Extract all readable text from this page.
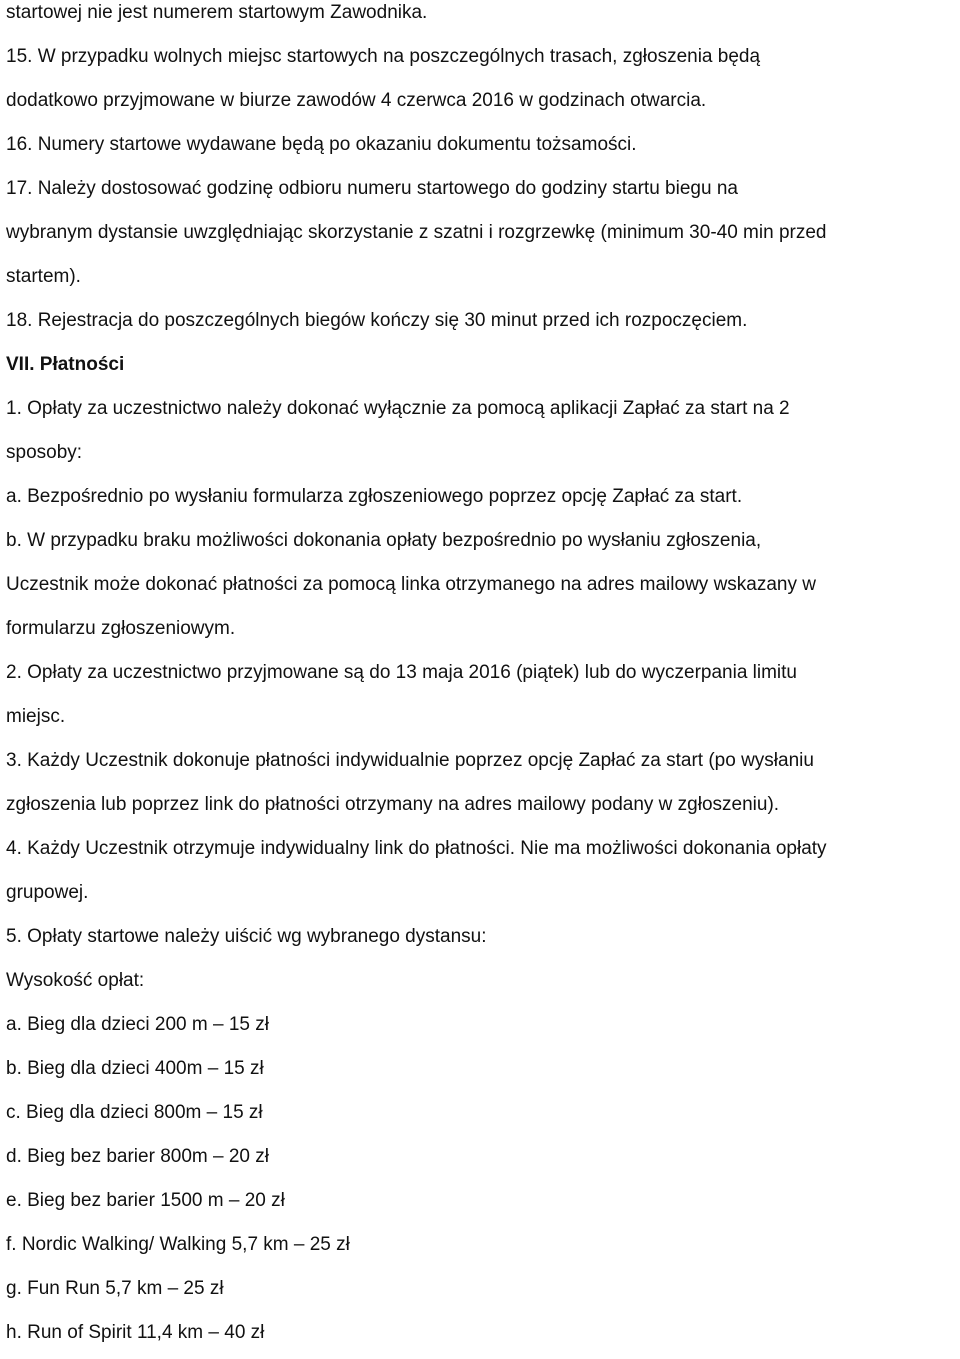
startowej nie jest numerem startowym Zawodnika.
15. W przypadku wolnych miejsc startowych na poszczególnych trasach, zgłoszenia będą
dodatkowo przyjmowane w biurze zawodów 4 czerwca 2016 w godzinach otwarcia.
16. Numery startowe wydawane będą po okazaniu dokumentu tożsamości.
17. Należy dostosować godzinę odbioru numeru startowego do godziny startu biegu na
wybranym dystansie uwzględniając skorzystanie z szatni i rozgrzewkę (minimum 30-40 min przed
startem).
18. Rejestracja do poszczególnych biegów kończy się 30 minut przed ich rozpoczęciem.
VII. Płatności
1. Opłaty za uczestnictwo należy dokonać wyłącznie za pomocą aplikacji Zapłać za start na 2
sposoby:
a. Bezpośrednio po wysłaniu formularza zgłoszeniowego poprzez opcję Zapłać za start.
b. W przypadku braku możliwości dokonania opłaty bezpośrednio po wysłaniu zgłoszenia,
Uczestnik może dokonać płatności za pomocą linka otrzymanego na adres mailowy wskazany w
formularzu zgłoszeniowym.
2. Opłaty za uczestnictwo przyjmowane są do 13 maja 2016 (piątek) lub do wyczerpania limitu
miejsc.
3. Każdy Uczestnik dokonuje płatności indywidualnie poprzez opcję Zapłać za start (po wysłaniu
zgłoszenia lub poprzez link do płatności otrzymany na adres mailowy podany w zgłoszeniu).
4. Każdy Uczestnik otrzymuje indywidualny link do płatności. Nie ma możliwości dokonania opłaty
grupowej.
5. Opłaty startowe należy uiścić wg wybranego dystansu:
Wysokość opłat:
a. Bieg dla dzieci 200 m – 15 zł
b. Bieg dla dzieci 400m – 15 zł
c. Bieg dla dzieci 800m – 15 zł
d. Bieg bez barier 800m – 20 zł
e. Bieg bez barier 1500 m – 20 zł
f. Nordic Walking/ Walking 5,7 km – 25 zł
g. Fun Run 5,7 km – 25 zł
h. Run of Spirit 11,4 km – 40 zł
